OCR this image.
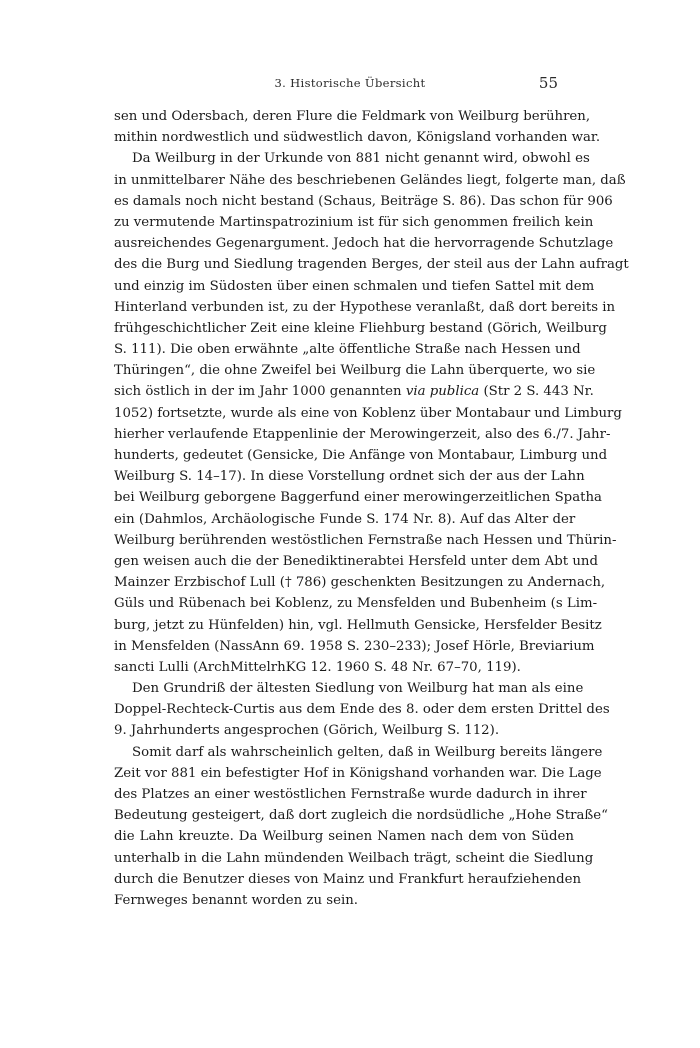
3. Historische Übersicht	55
sen und Odersbach, deren Flure die Feldmark von Weilburg berühren,
mithin nordwestlich und südwestlich davon, Königsland vorhanden war.
Da Weilburg in der Urkunde von 881 nicht genannt wird, obwohl es
in unmittelbarer Nähe des beschriebenen Geländes liegt, folgerte man, daß
es damals noch nicht bestand (Schaus, Beiträge S. 86). Das schon für 906
zu vermutende Martinspatrozinium ist für sich genommen freilich kein
ausreichendes Gegenargument. Jedoch hat die hervorragende Schutzlage
des die Burg und Siedlung tragenden Berges, der steil aus der Lahn aufragt
und einzig im Südosten über einen schmalen und tiefen Sattel mit dem
Hinterland verbunden ist, zu der Hypothese veranlaßt, daß dort bereits in
frühgeschichtlicher Zeit eine kleine Fliehburg bestand (Görich, Weilburg
S. 111). Die oben erwähnte „alte öffentliche Straße nach Hessen und
Thüringen“, die ohne Zweifel bei Weilburg die Lahn überquerte, wo sie
sich östlich in der im Jahr 1000 genannten via publica (Str 2 S. 443 Nr.
1052) fortsetzte, wurde als eine von Koblenz über Montabaur und Limburg
hierher verlaufende Etappenlinie der Merowingerzeit, also des 6./7. Jahr-
hunderts, gedeutet (Gensicke, Die Anfänge von Montabaur, Limburg und
Weilburg S. 14–17). In diese Vorstellung ordnet sich der aus der Lahn
bei Weilburg geborgene Baggerfund einer merowingerzeitlichen Spatha
ein (Dahmlos, Archäologische Funde S. 174 Nr. 8). Auf das Alter der
Weilburg berührenden westöstlichen Fernstraße nach Hessen und Thürin-
gen weisen auch die der Benediktinerabtei Hersfeld unter dem Abt und
Mainzer Erzbischof Lull († 786) geschenkten Besitzungen zu Andernach,
Güls und Rübenach bei Koblenz, zu Mensfelden und Bubenheim (s Lim-
burg, jetzt zu Hünfelden) hin, vgl. Hellmuth Gensicke, Hersfelder Besitz
in Mensfelden (NassAnn 69. 1958 S. 230–233); Josef Hörle, Breviarium
sancti Lulli (ArchMittelrhKG 12. 1960 S. 48 Nr. 67–70, 119).
Den Grundriß der ältesten Siedlung von Weilburg hat man als eine
Doppel-Rechteck-Curtis aus dem Ende des 8. oder dem ersten Drittel des
9. Jahrhunderts angesprochen (Görich, Weilburg S. 112).
Somit darf als wahrscheinlich gelten, daß in Weilburg bereits längere
Zeit vor 881 ein befestigter Hof in Königshand vorhanden war. Die Lage
des Platzes an einer westöstlichen Fernstraße wurde dadurch in ihrer
Bedeutung gesteigert, daß dort zugleich die nordsüdliche „Hohe Straße“
die Lahn kreuzte. Da Weilburg seinen Namen nach dem von Süden
unterhalb in die Lahn mündenden Weilbach trägt, scheint die Siedlung
durch die Benutzer dieses von Mainz und Frankfurt heraufziehenden
Fernweges benannt worden zu sein.
